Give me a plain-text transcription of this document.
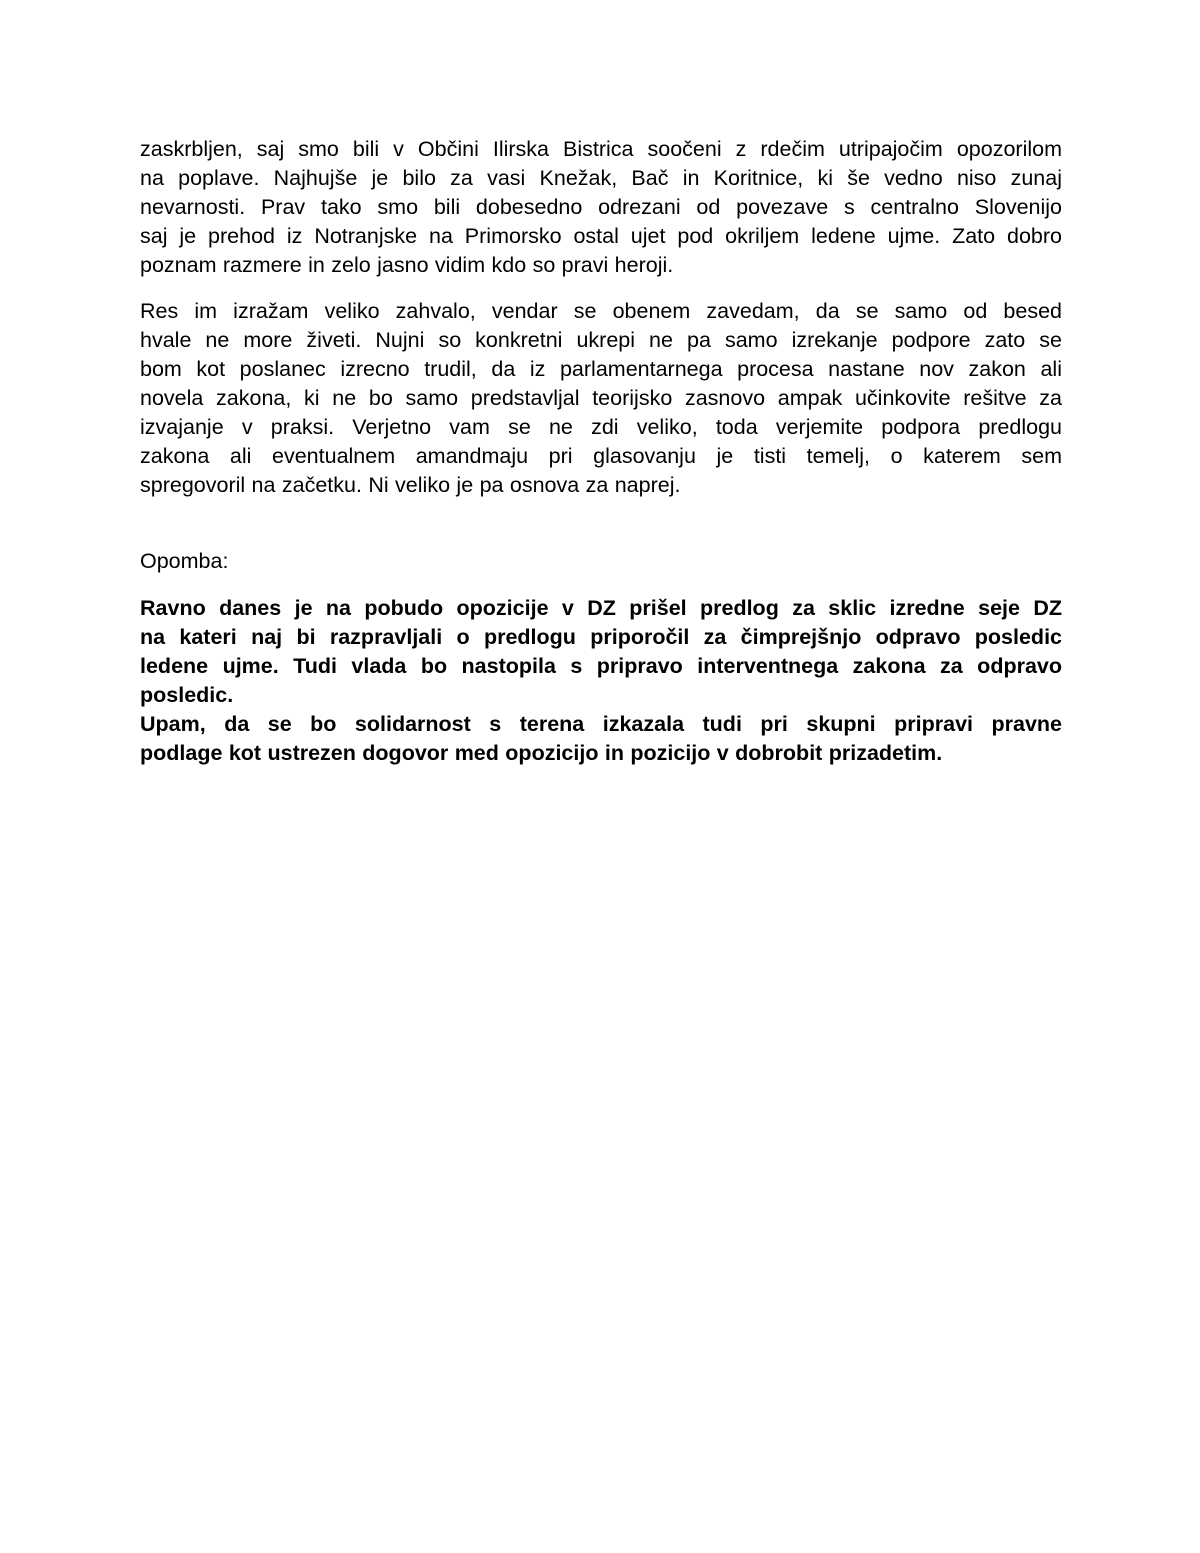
zaskrbljen, saj smo bili v Občini Ilirska Bistrica soočeni z rdečim utripajočim opozorilom
na poplave. Najhujše je bilo za vasi Knežak, Bač in Koritnice, ki še vedno niso zunaj
nevarnosti. Prav tako smo bili dobesedno odrezani od povezave s centralno Slovenijo
saj je prehod iz Notranjske na Primorsko ostal ujet pod okriljem ledene ujme. Zato dobro
poznam razmere in zelo jasno vidim kdo so pravi heroji.
Res im izražam veliko zahvalo, vendar se obenem zavedam, da se samo od besed
hvale ne more živeti. Nujni so konkretni ukrepi ne pa samo izrekanje podpore zato se
bom kot poslanec izrecno trudil, da iz parlamentarnega procesa nastane nov zakon ali
novela zakona, ki ne bo samo predstavljal teorijsko zasnovo ampak učinkovite rešitve za
izvajanje v praksi. Verjetno vam se ne zdi veliko, toda verjemite podpora predlogu
zakona ali eventualnem amandmaju pri glasovanju je tisti temelj, o katerem sem
spregovoril na začetku. Ni veliko je pa osnova za naprej.
Opomba:
Ravno danes je na pobudo opozicije v DZ prišel predlog za sklic izredne seje DZ
na kateri naj bi razpravljali o predlogu priporočil za čimprejšnjo odpravo posledic
ledene ujme. Tudi vlada bo nastopila s pripravo interventnega zakona za odpravo
posledic.
Upam, da se bo solidarnost s terena izkazala tudi pri skupni pripravi pravne
podlage kot ustrezen dogovor med opozicijo in pozicijo v dobrobit prizadetim.
